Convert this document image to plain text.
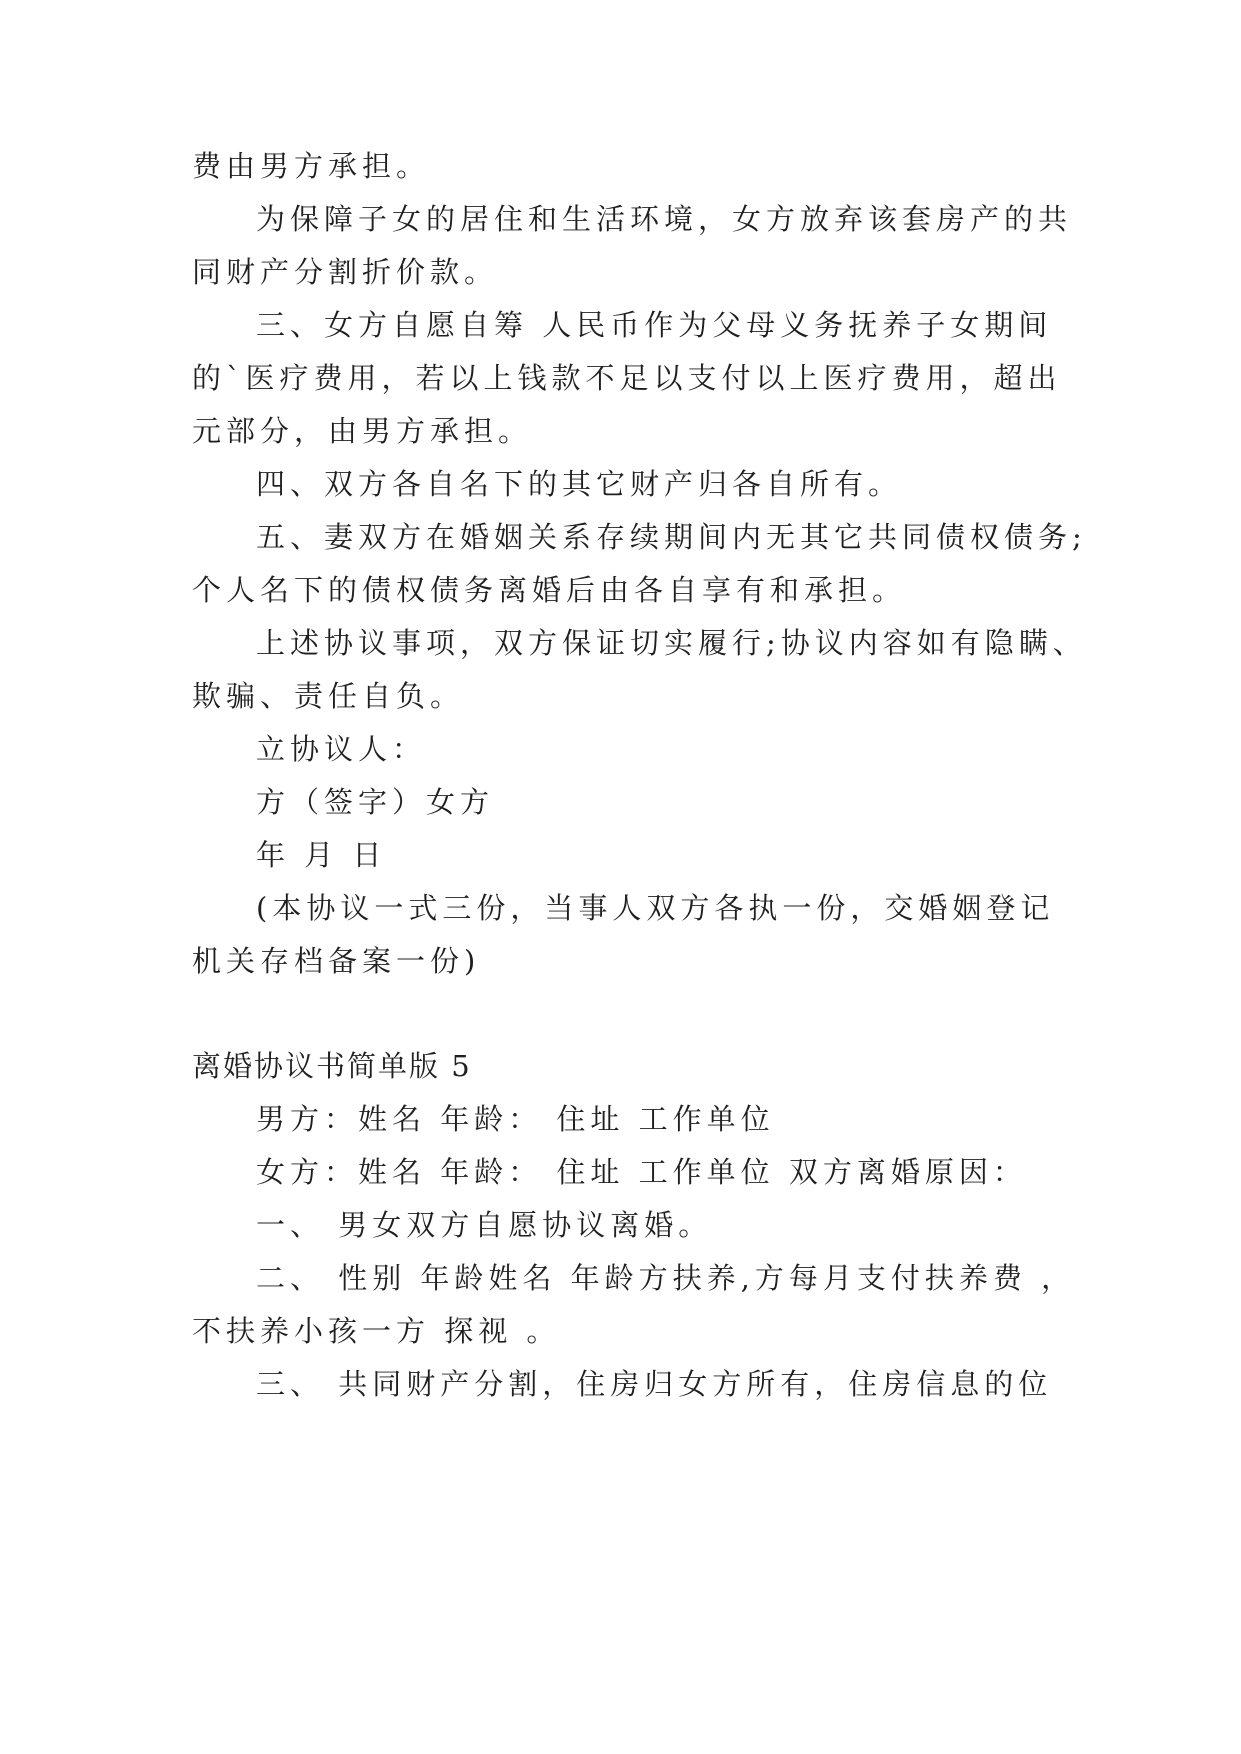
费由男方承担。
为保障子女的居住和生活环境，女方放弃该套房产的共
同财产分割折价款。
三、女方自愿自筹 人民币作为父母义务抚养子女期间
的`医疗费用，若以上钱款不足以支付以上医疗费用，超出
元部分，由男方承担。
四、双方各自名下的其它财产归各自所有。
五、妻双方在婚姻关系存续期间内无其它共同债权债务;
个人名下的债权债务离婚后由各自享有和承担。
上述协议事项，双方保证切实履行;协议内容如有隐瞒、
欺骗、责任自负。
立协议人：
方（签字）女方
年 月 日
(本协议一式三份，当事人双方各执一份，交婚姻登记
机关存档备案一份)
离婚协议书简单版 5
男方：姓名 年龄： 住址 工作单位
女方：姓名 年龄： 住址 工作单位 双方离婚原因：
一、 男女双方自愿协议离婚。
二、 性别 年龄姓名 年龄方扶养,方每月支付扶养费 ，
不扶养小孩一方 探视 。
三、 共同财产分割，住房归女方所有，住房信息的位
